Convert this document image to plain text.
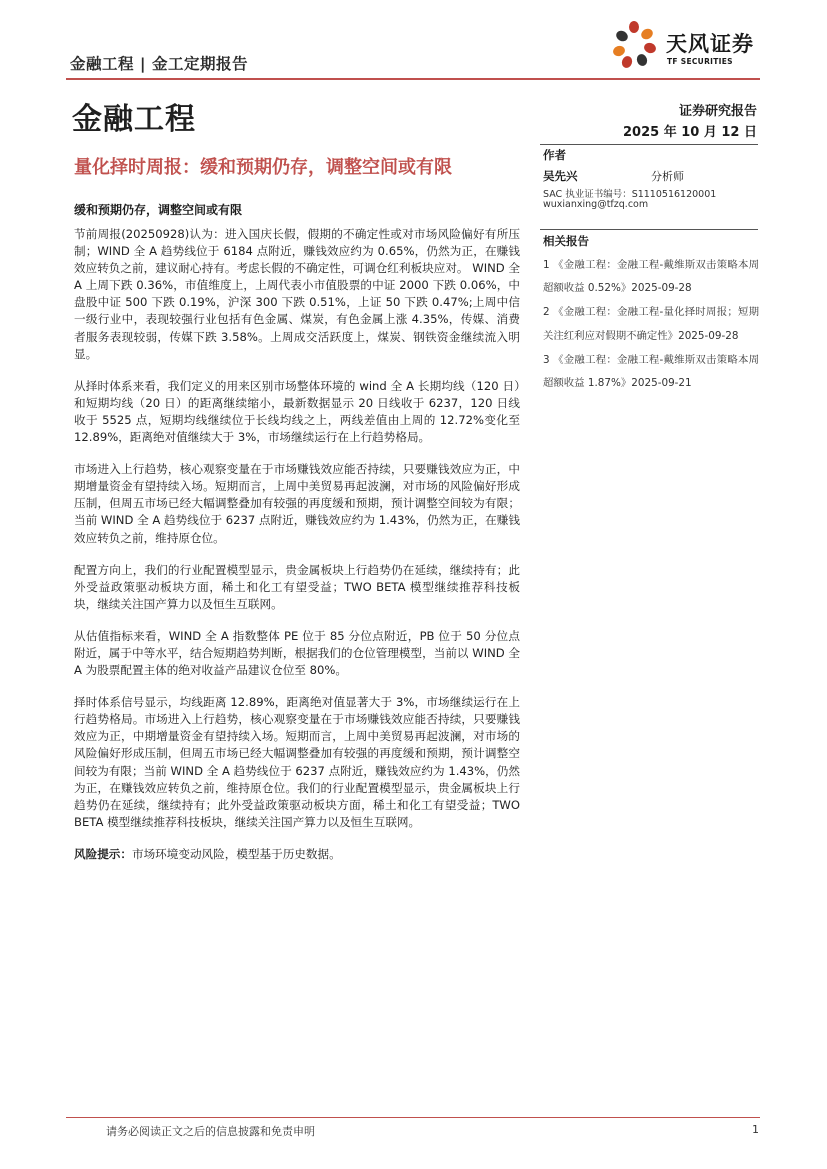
金融工程 | 金工定期报告
天风证券
TF SECURITIES
金融工程	证券研究报告
2025 年 10 月 12 日
量化择时周报：缓和预期仍存，调整空间或有限
缓和预期仍存，调整空间或有限

节前周报(20250928)认为：进入国庆长假，假期的不确定性或对市场风险偏好有所压制；WIND 全 A 趋势线位于 6184 点附近，赚钱效应约为 0.65%，仍然为正，在赚钱效应转负之前，建议耐心持有。考虑长假的不确定性，可调仓红利板块应对。 WIND 全 A 上周下跌 0.36%，市值维度上，上周代表小市值股票的中证 2000 下跌 0.06%，中盘股中证 500 下跌 0.19%，沪深 300 下跌 0.51%，上证 50 下跌 0.47%;上周中信一级行业中，表现较强行业包括有色金属、煤炭，有色金属上涨 4.35%，传媒、消费者服务表现较弱，传媒下跌 3.58%。上周成交活跃度上，煤炭、钢铁资金继续流入明显。

从择时体系来看，我们定义的用来区别市场整体环境的 wind 全 A 长期均线（120 日）和短期均线（20 日）的距离继续缩小，最新数据显示 20 日线收于 6237，120 日线收于 5525 点，短期均线继续位于长线均线之上，两线差值由上周的 12.72%变化至 12.89%，距离绝对值继续大于 3%，市场继续运行在上行趋势格局。

市场进入上行趋势，核心观察变量在于市场赚钱效应能否持续，只要赚钱效应为正，中期增量资金有望持续入场。短期而言，上周中美贸易再起波澜，对市场的风险偏好形成压制，但周五市场已经大幅调整叠加有较强的再度缓和预期，预计调整空间较为有限；当前 WIND 全 A 趋势线位于 6237 点附近，赚钱效应约为 1.43%，仍然为正，在赚钱效应转负之前，维持原仓位。

配置方向上，我们的行业配置模型显示，贵金属板块上行趋势仍在延续，继续持有；此外受益政策驱动板块方面，稀土和化工有望受益；TWO BETA 模型继续推荐科技板块，继续关注国产算力以及恒生互联网。

从估值指标来看，WIND 全 A 指数整体 PE 位于 85 分位点附近，PB 位于 50 分位点附近，属于中等水平，结合短期趋势判断，根据我们的仓位管理模型，当前以 WIND 全 A 为股票配置主体的绝对收益产品建议仓位至 80%。

择时体系信号显示，均线距离 12.89%，距离绝对值显著大于 3%，市场继续运行在上行趋势格局。市场进入上行趋势，核心观察变量在于市场赚钱效应能否持续，只要赚钱效应为正，中期增量资金有望持续入场。短期而言，上周中美贸易再起波澜，对市场的风险偏好形成压制，但周五市场已经大幅调整叠加有较强的再度缓和预期，预计调整空间较为有限；当前 WIND 全 A 趋势线位于 6237 点附近，赚钱效应约为 1.43%，仍然为正，在赚钱效应转负之前，维持原仓位。我们的行业配置模型显示，贵金属板块上行趋势仍在延续，继续持有；此外受益政策驱动板块方面，稀土和化工有望受益；TWO BETA 模型继续推荐科技板块，继续关注国产算力以及恒生互联网。

风险提示：市场环境变动风险，模型基于历史数据。

作者
吴先兴	分析师
SAC 执业证书编号：S1110516120001
wuxianxing@tfzq.com
相关报告

1 《金融工程：金融工程-戴维斯双击策略本周超额收益 0.52%》2025-09-28

2 《金融工程：金融工程-量化择时周报；短期关注红利应对假期不确定性》2025-09-28

3 《金融工程：金融工程-戴维斯双击策略本周超额收益 1.87%》2025-09-21

请务必阅读正文之后的信息披露和免责申明	1
